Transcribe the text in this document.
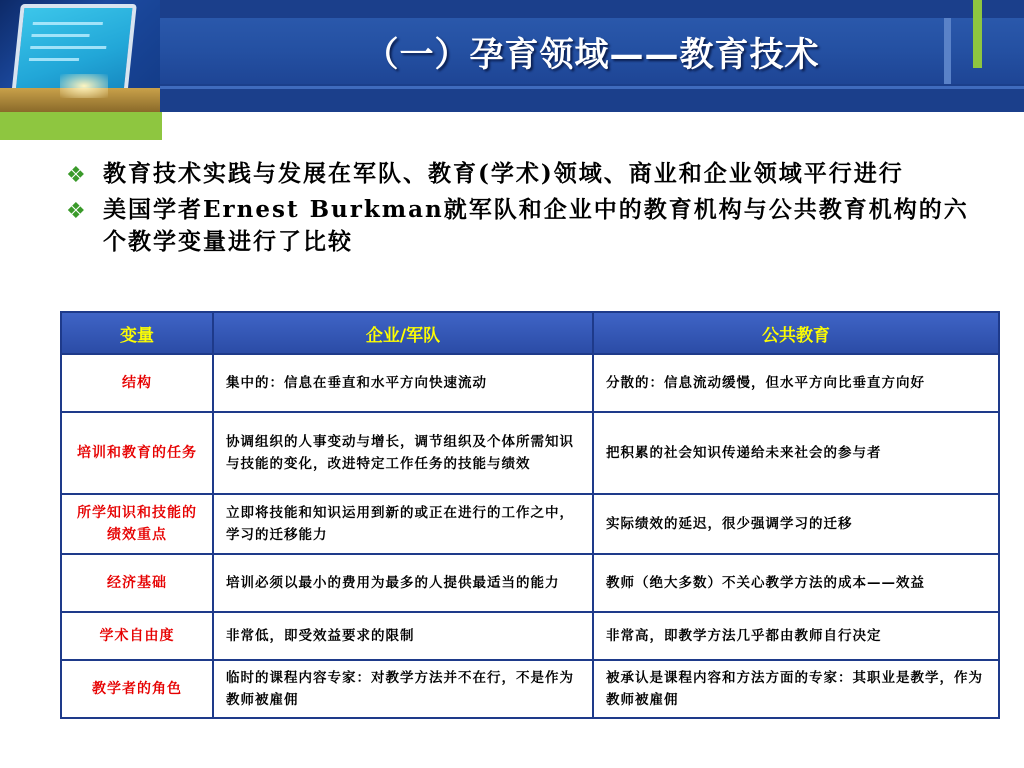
（一）孕育领域——教育技术
❖ 教育技术实践与发展在军队、教育(学术)领域、商业和企业领域平行进行
❖ 美国学者Ernest Burkman就军队和企业中的教育机构与公共教育机构的六个教学变量进行了比较
变量	企业/军队	公共教育
结构	集中的：信息在垂直和水平方向快速流动	分散的：信息流动缓慢，但水平方向比垂直方向好
培训和教育的任务	协调组织的人事变动与增长，调节组织及个体所需知识与技能的变化，改进特定工作任务的技能与绩效	把积累的社会知识传递给未来社会的参与者
所学知识和技能的绩效重点	立即将技能和知识运用到新的或正在进行的工作之中，学习的迁移能力	实际绩效的延迟，很少强调学习的迁移
经济基础	培训必须以最小的费用为最多的人提供最适当的能力	教师（绝大多数）不关心教学方法的成本——效益
学术自由度	非常低，即受效益要求的限制	非常高，即教学方法几乎都由教师自行决定
教学者的角色	临时的课程内容专家：对教学方法并不在行，不是作为教师被雇佣	被承认是课程内容和方法方面的专家：其职业是教学，作为教师被雇佣
